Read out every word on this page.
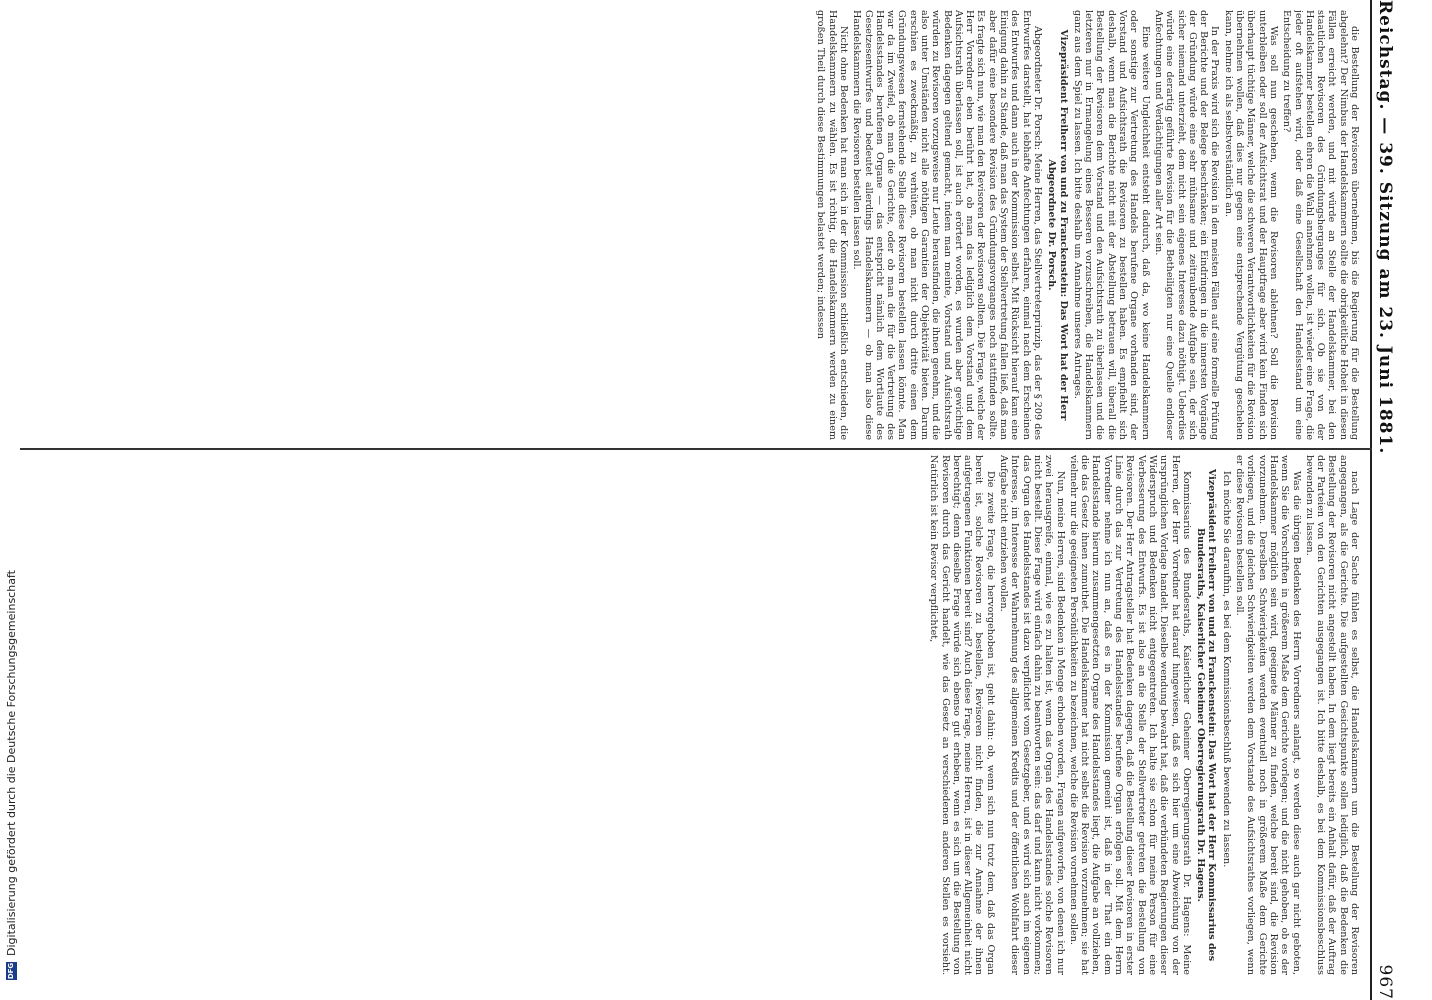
Reichstag. — 39. Sitzung am 23. Juni 1881.
967

die Bestellung der Revisoren übernehmen, bis die Regierung für die Bestellung abgelehnt? Der Nimbus der Handelskammern sollte die obrigkeitliche Hoheit in diesen Fällen erreicht werden, und mit würde an Stelle der Handelskammer, bei den staatlichen Revisoren des Gründungsherganges für sich. Ob sie von der Handelskammer bestellen ehren die Wahl annehmen wollen, ist wieder eine Frage, die jeder oft aufstehen wird, oder daß eine Gesellschaft den Handelsstand um eine Entscheidung zu treffen?

Was soll nun geschehen, wenn die Revisoren ablehnen? Soll die Revision unterbleiben oder soll der Aufsichtsrat und der Hauptfrage aber wird kein Finden sich überhaupt tüchtige Männer, welche die schweren Verantwortlichkeiten für die Revision übernehmen wollen, daß dies nur gegen eine entsprechende Vergütung geschehen kann, nehme ich als selbstverständlich an.

In der Praxis wird sich die Revision in den meisten Fällen auf eine formelle Prüfung der Berichte und der Belege beschränken; ein Eindringen in die innersten Vorgänge der Gründung würde eine sehr mühsame und zeitraubende Aufgabe sein, der sich sicher niemand unterzieht, dem nicht sein eigenes Interesse dazu nöthigt. Ueberdies würde eine derartig geführte Revision für die Betheiligten nur eine Quelle endloser Anfechtungen und Verdächtigungen aller Art sein.

Eine weitere Ungleichheit entsteht dadurch, daß da, wo keine Handelskammern oder sonstige zur Vertretung des Handels berufene Organe vorhanden sind, der Vorstand und Aufsichtsrath die Revisoren zu bestellen haben. Es empfiehlt sich deshalb, wenn man die Berichte nicht mit der Abstellung betrauen will, überall die Bestellung der Revisoren dem Vorstand und den Aufsichtsrath zu überlassen und die letzteren nur in Ermangelung eines Besseren vorzuschreiben, die Handelskammern ganz aus dem Spiel zu lassen. Ich bitte deshalb um Annahme unseres Antrages.

Vizepräsident Freiherr von und zu Franckenstein: Das Wort hat der Herr Abgeordnete Dr. Porsch.

Abgeordneter Dr. Porsch: Meine Herren, das Stellvertreterprinzip, das der § 209 des Entwurfes darstellt, hat lebhafte Anfechtungen erfahren, einmal nach dem Erscheinen des Entwurfes und dann auch in der Kommission selbst. Mit Rücksicht hierauf kam eine Einigung dahin zu Stande, daß man das System der Stellvertretung fallen ließ, daß man aber dafür eine besondere Revision des Gründungsvorganges noch stattfinden sollte. Es fragte sich nun, wie man den Revisoren der Revisoren sollten. Die Frage, welche der Herr Vorredner eben berührt hat, ob man das lediglich dem Vorstand und dem Aufsichtsrath überlassen soll, ist auch erörtert worden, es wurden aber gewichtige Bedenken dagegen geltend gemacht, indem man meinte, Vorstand und Aufsichtsrath würden zu Revisoren vorzugsweise nur Leute herausfinden, die ihnen genehm, und die also unter Umständen nicht alle nöthigen Garantien der Objektivität bieten. Darum erschien es zweckmäßig, zu verhüten, ob man nicht durch dritte einen dem Gründungswesen fernstehende Stelle diese Revisoren bestellen lassen könnte. Man war da im Zweifel, ob man die Gerichte, oder ob man die für die Vertretung des Handelsstandes berufenen Organe — das entspricht nämlich dem Wortlaute des Gesetzesentwurfes und bedeutet allerdings Handelskammern — ob man also diese Handelskammern die Revisoren bestellen lassen soll.

Nicht ohne Bedenken hat man sich in der Kommission schließlich entschieden, die Handelskammern zu wählen. Es ist richtig, die Handelskammern werden zu einem großen Theil durch diese Bestimmungen belastet werden; indessen

nach Lage der Sache fühlen es selbst, die Handelskammern um die Bestellung der Revisoren angegangen, als die Gerichte. Die aufgestellten Gesichtspunkte sollen lediglich, daß die Bedenken die Bestellung der Revisoren nicht angestellt haben. In dem liegt bereits ein Anhalt dafür, daß der Auftrag der Parteien von den Gerichten ausgegangen ist. Ich bitte deshalb, es bei dem Kommissionsbeschluss bewenden zu lassen.

Was die übrigen Bedenken des Herrn Vorredners anlangt, so werden diese auch gar nicht geboten, wenn Sie die Vorschriften in größerem Maße dem Gerichte vorlegen; und die nicht gehoben, ob es der Handelskammer möglich sein wird, geeignete Männer zu finden, welche bereit sind, die Revision vorzunehmen. Derselben Schwierigkeiten werden eventuell noch in größerem Maße dem Gerichte vorliegen, und die gleichen Schwierigkeiten werden dem Vorstande des Aufsichtsrathes vorliegen, wenn er diese Revisoren bestellen soll.

Ich möchte Sie daraufhin, es bei dem Kommissionsbeschluß bewenden zu lassen.

Vizepräsident Freiherr von und zu Franckenstein: Das Wort hat der Herr Kommissarius des Bundesraths, Kaiserlicher Geheimer Oberregierungsrath Dr. Hagens.

Kommissarius des Bundesraths, Kaiserlicher Geheimer Oberregierungsrath Dr. Hagens: Meine Herren, der Herr Vorredner hat darauf hingewiesen, daß es sich hier um eine Abweichung von der ursprünglichen Vorlage handelt. Dieselbe wendung bewahrt hat, daß die verbündeten Regierungen dieser Widerspruch und Bedenken nicht entgegentreten. Ich halte sie schon für meine Person für eine Verbesserung des Entwurfs. Es ist also an die Stelle der Stellvertreter getreten die Bestellung von Revisoren. Der Herr Antragsteller hat Bedenken dagegen, daß die Bestellung dieser Revisoren in erster Linie durch das zur Vertretung des Handelsstandes berufene Organ erfolgen soll. Mit dem Herrn Vorredner nehme ich nun an, daß es in der Kommission gemeint ist, daß in der That ein dem Handelsstande hierum zusammengesetzten Organe des Handelsstandes liegt, die Aufgabe an vollziehen, die das Gesetz ihnen zumuthet. Die Handelskammer hat nicht selbst die Revision vorzunehmen; sie hat vielmehr nur die geeigneten Persönlichkeiten zu bezeichnen, welche die Revision vornehmen sollen.

Nun, meine Herren, sind Bedenken in Menge erhoben worden, Fragen aufgeworfen, von denen ich nur zwei herausgreife, einmal, wie es zu halten ist, wenn das Organ des Handelsstandes solche Revisoren nicht bestellt. Diese Frage wird einfach dahin zu beantworten sein: das darf und kann nicht vorkommen; das Organ des Handelsstandes ist dazu verpflichtet vom Gesetzgeber, und es wird sich auch im eigenen Interesse, im Interesse der Wahrnehmung des allgemeinen Kredits und der öffentlichen Wohlfahrt dieser Aufgabe nicht entziehen wollen.

Die zweite Frage, die hervorgehoben ist, geht dahin: ob, wenn sich nun trotz dem, daß das Organ bereit ist, solche Revisoren zu bestellen, Revisoren nicht finden, die zur Annahme der ihnen aufgetragenen Funktionen bereit sind? Auch diese Frage, meine Herren, ist in dieser Allgemeinheit nicht berechtigt; denn dieselbe Frage würde sich ebenso gut erheben, wenn es sich um die Bestellung von Revisoren durch das Gericht handelt, wie das Gesetz an verschiedenen anderen Stellen es vorsieht. Natürlich ist kein Revisor verpflichtet,

DFG
Digitalisierung gefördert durch die Deutsche Forschungsgemeinschaft
